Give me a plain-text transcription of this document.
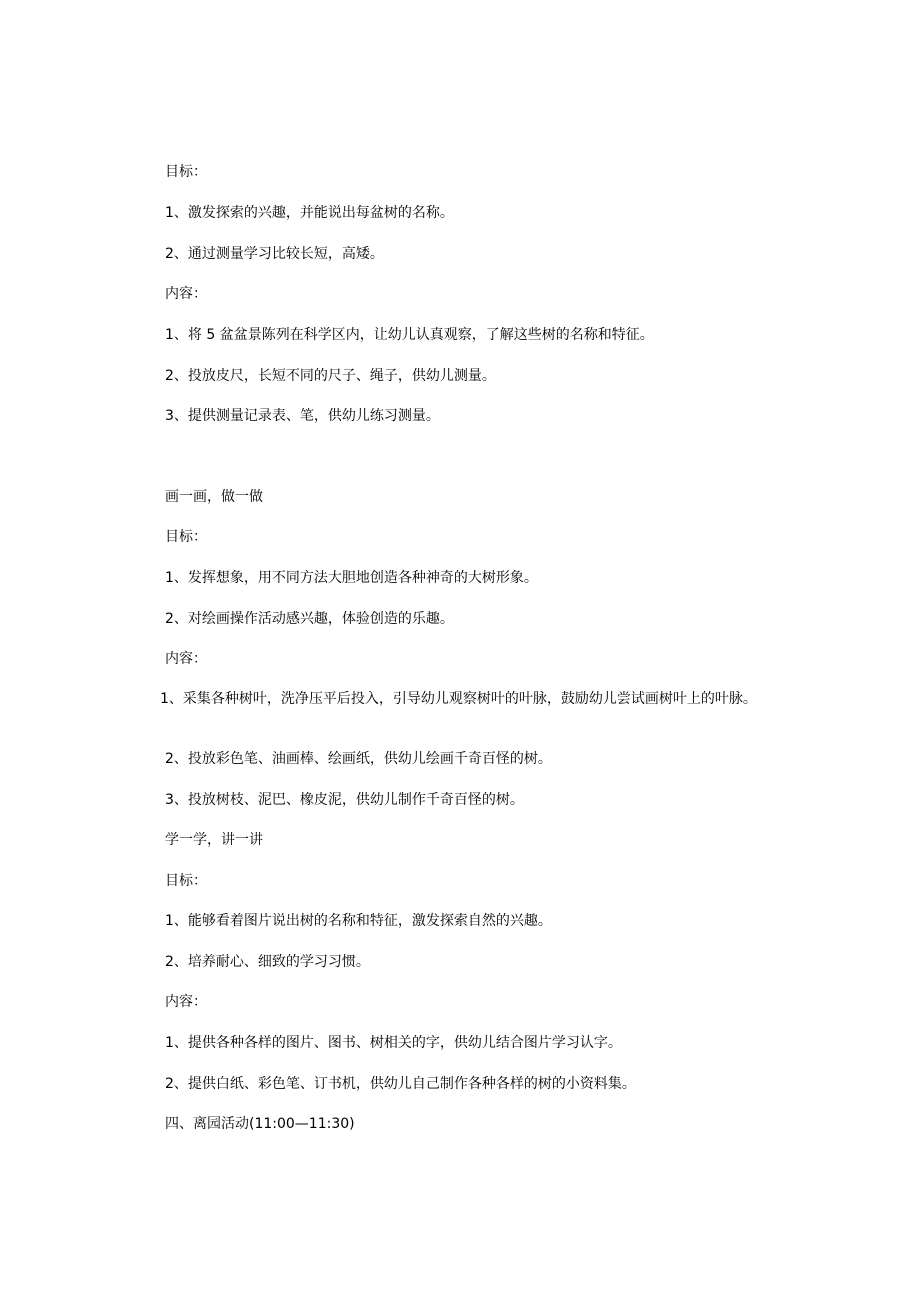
目标：
1、激发探索的兴趣，并能说出每盆树的名称。
2、通过测量学习比较长短，高矮。
内容：
1、将 5 盆盆景陈列在科学区内，让幼儿认真观察，了解这些树的名称和特征。
2、投放皮尺，长短不同的尺子、绳子，供幼儿测量。
3、提供测量记录表、笔，供幼儿练习测量。
画一画，做一做
目标：
1、发挥想象，用不同方法大胆地创造各种神奇的大树形象。
2、对绘画操作活动感兴趣，体验创造的乐趣。
内容：
1、采集各种树叶，洗净压平后投入，引导幼儿观察树叶的叶脉，鼓励幼儿尝试画树叶上的叶脉。
2、投放彩色笔、油画棒、绘画纸，供幼儿绘画千奇百怪的树。
3、投放树枝、泥巴、橡皮泥，供幼儿制作千奇百怪的树。
学一学，讲一讲
目标：
1、能够看着图片说出树的名称和特征，激发探索自然的兴趣。
2、培养耐心、细致的学习习惯。
内容：
1、提供各种各样的图片、图书、树相关的字，供幼儿结合图片学习认字。
2、提供白纸、彩色笔、订书机，供幼儿自己制作各种各样的树的小资料集。
四、离园活动(11:00—11:30)
